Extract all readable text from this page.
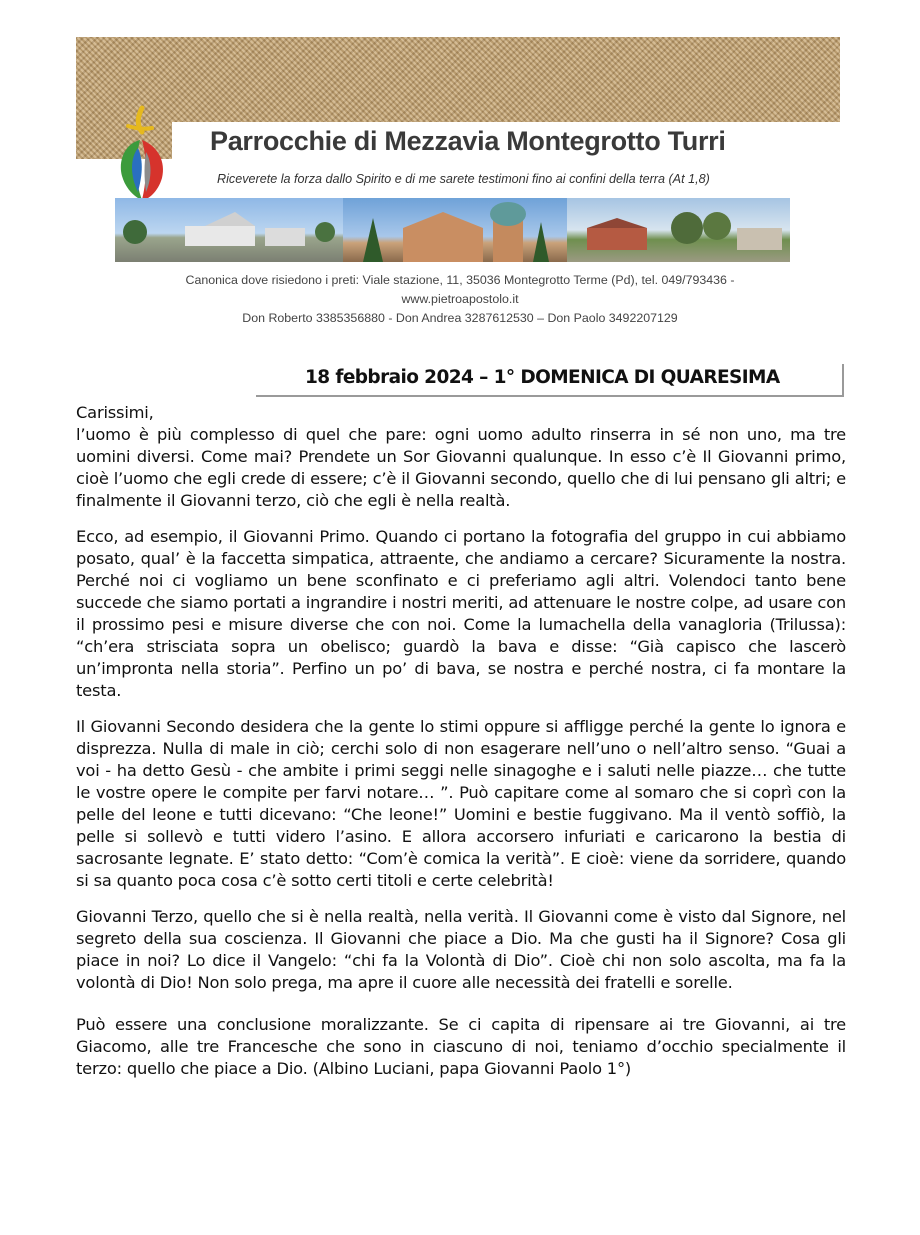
Parrocchie di Mezzavia Montegrotto Turri
Riceverete la forza dallo Spirito e di me sarete testimoni fino ai confini della terra (At 1,8)
Canonica dove risiedono i preti: Viale stazione, 11, 35036 Montegrotto Terme (Pd), tel. 049/793436 -
www.pietroapostolo.it
Don Roberto 3385356880 - Don Andrea 3287612530 – Don Paolo 3492207129
18 febbraio 2024 – 1° DOMENICA DI QUARESIMA

Carissimi,

l’uomo è più complesso di quel che pare: ogni uomo adulto rinserra in sé non uno, ma tre uomini diversi. Come mai? Prendete un Sor Giovanni qualunque. In esso c’è Il Giovanni primo, cioè l’uomo che egli crede di essere; c’è il Giovanni secondo, quello che di lui pensano gli altri; e finalmente il Giovanni terzo, ciò che egli è nella realtà.

Ecco, ad esempio, il Giovanni Primo. Quando ci portano la fotografia del gruppo in cui abbiamo posato, qual’ è la faccetta simpatica, attraente, che andiamo a cercare? Sicuramente la nostra. Perché noi ci vogliamo un bene sconfinato e ci preferiamo agli altri. Volendoci tanto bene succede che siamo portati a ingrandire i nostri meriti, ad attenuare le nostre colpe, ad usare con il prossimo pesi e misure diverse che con noi. Come la lumachella della vanagloria (Trilussa): “ch’era strisciata sopra un obelisco; guardò la bava e disse: “Già capisco che lascerò un’impronta nella storia”. Perfino un po’ di bava, se nostra e perché nostra, ci fa montare la testa.

Il Giovanni Secondo desidera che la gente lo stimi oppure si affligge perché la gente lo ignora e disprezza. Nulla di male in ciò; cerchi solo di non esagerare nell’uno o nell’altro senso. “Guai a voi - ha detto Gesù - che ambite i primi seggi nelle sinagoghe e i saluti nelle piazze… che tutte le vostre opere le compite per farvi notare… ”. Può capitare come al somaro che si coprì con la pelle del leone e tutti dicevano: “Che leone!” Uomini e bestie fuggivano. Ma il ventò soffiò, la pelle si sollevò e tutti videro l’asino. E allora accorsero infuriati e caricarono la bestia di sacrosante legnate. E’ stato detto: “Com’è comica la verità”. E cioè: viene da sorridere, quando si sa quanto poca cosa c’è sotto certi titoli e certe celebrità!

Giovanni Terzo, quello che si è nella realtà, nella verità. Il Giovanni come è visto dal Signore, nel segreto della sua coscienza. Il Giovanni che piace a Dio. Ma che gusti ha il Signore? Cosa gli piace in noi? Lo dice il Vangelo: “chi fa la Volontà di Dio”. Cioè chi non solo ascolta, ma fa la volontà di Dio! Non solo prega, ma apre il cuore alle necessità dei fratelli e sorelle.

Può essere una conclusione moralizzante. Se ci capita di ripensare ai tre Giovanni, ai tre Giacomo, alle tre Francesche che sono in ciascuno di noi, teniamo d’occhio specialmente il terzo: quello che piace a Dio. (Albino Luciani, papa Giovanni Paolo 1°)
